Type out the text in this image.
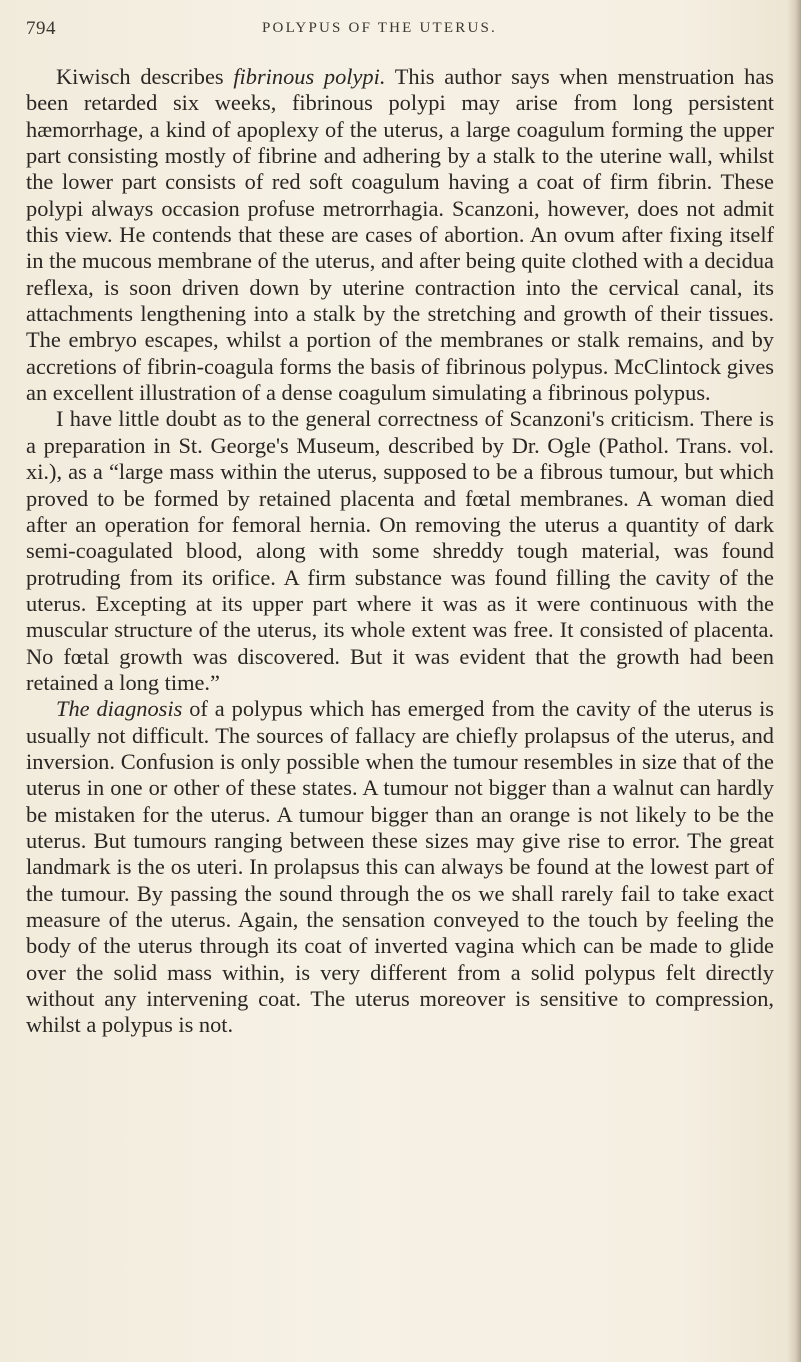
794	POLYPUS OF THE UTERUS.

Kiwisch describes fibrinous polypi. This author says when menstruation has been retarded six weeks, fibrinous polypi may arise from long persistent hæmorrhage, a kind of apoplexy of the uterus, a large coagulum forming the upper part consisting mostly of fibrine and adhering by a stalk to the uterine wall, whilst the lower part consists of red soft coagulum having a coat of firm fibrin. These polypi always occasion profuse metrorrhagia. Scanzoni, however, does not admit this view. He contends that these are cases of abortion. An ovum after fixing itself in the mucous membrane of the uterus, and after being quite clothed with a decidua reflexa, is soon driven down by uterine contraction into the cervical canal, its attachments lengthening into a stalk by the stretching and growth of their tissues. The embryo escapes, whilst a portion of the membranes or stalk remains, and by accretions of fibrin-coagula forms the basis of fibrinous polypus. McClintock gives an excellent illustration of a dense coagulum simulating a fibrinous polypus.

I have little doubt as to the general correctness of Scanzoni's criticism. There is a preparation in St. George's Museum, described by Dr. Ogle (Pathol. Trans. vol. xi.), as a “large mass within the uterus, supposed to be a fibrous tumour, but which proved to be formed by retained placenta and fœtal membranes. A woman died after an operation for femoral hernia. On removing the uterus a quantity of dark semi-coagulated blood, along with some shreddy tough material, was found protruding from its orifice. A firm substance was found filling the cavity of the uterus. Excepting at its upper part where it was as it were continuous with the muscular structure of the uterus, its whole extent was free. It consisted of placenta. No fœtal growth was discovered. But it was evident that the growth had been retained a long time.”

The diagnosis of a polypus which has emerged from the cavity of the uterus is usually not difficult. The sources of fallacy are chiefly prolapsus of the uterus, and inversion. Confusion is only possible when the tumour resembles in size that of the uterus in one or other of these states. A tumour not bigger than a walnut can hardly be mistaken for the uterus. A tumour bigger than an orange is not likely to be the uterus. But tumours ranging between these sizes may give rise to error. The great landmark is the os uteri. In prolapsus this can always be found at the lowest part of the tumour. By passing the sound through the os we shall rarely fail to take exact measure of the uterus. Again, the sensation conveyed to the touch by feeling the body of the uterus through its coat of inverted vagina which can be made to glide over the solid mass within, is very different from a solid polypus felt directly without any intervening coat. The uterus moreover is sensitive to compression, whilst a polypus is not.
